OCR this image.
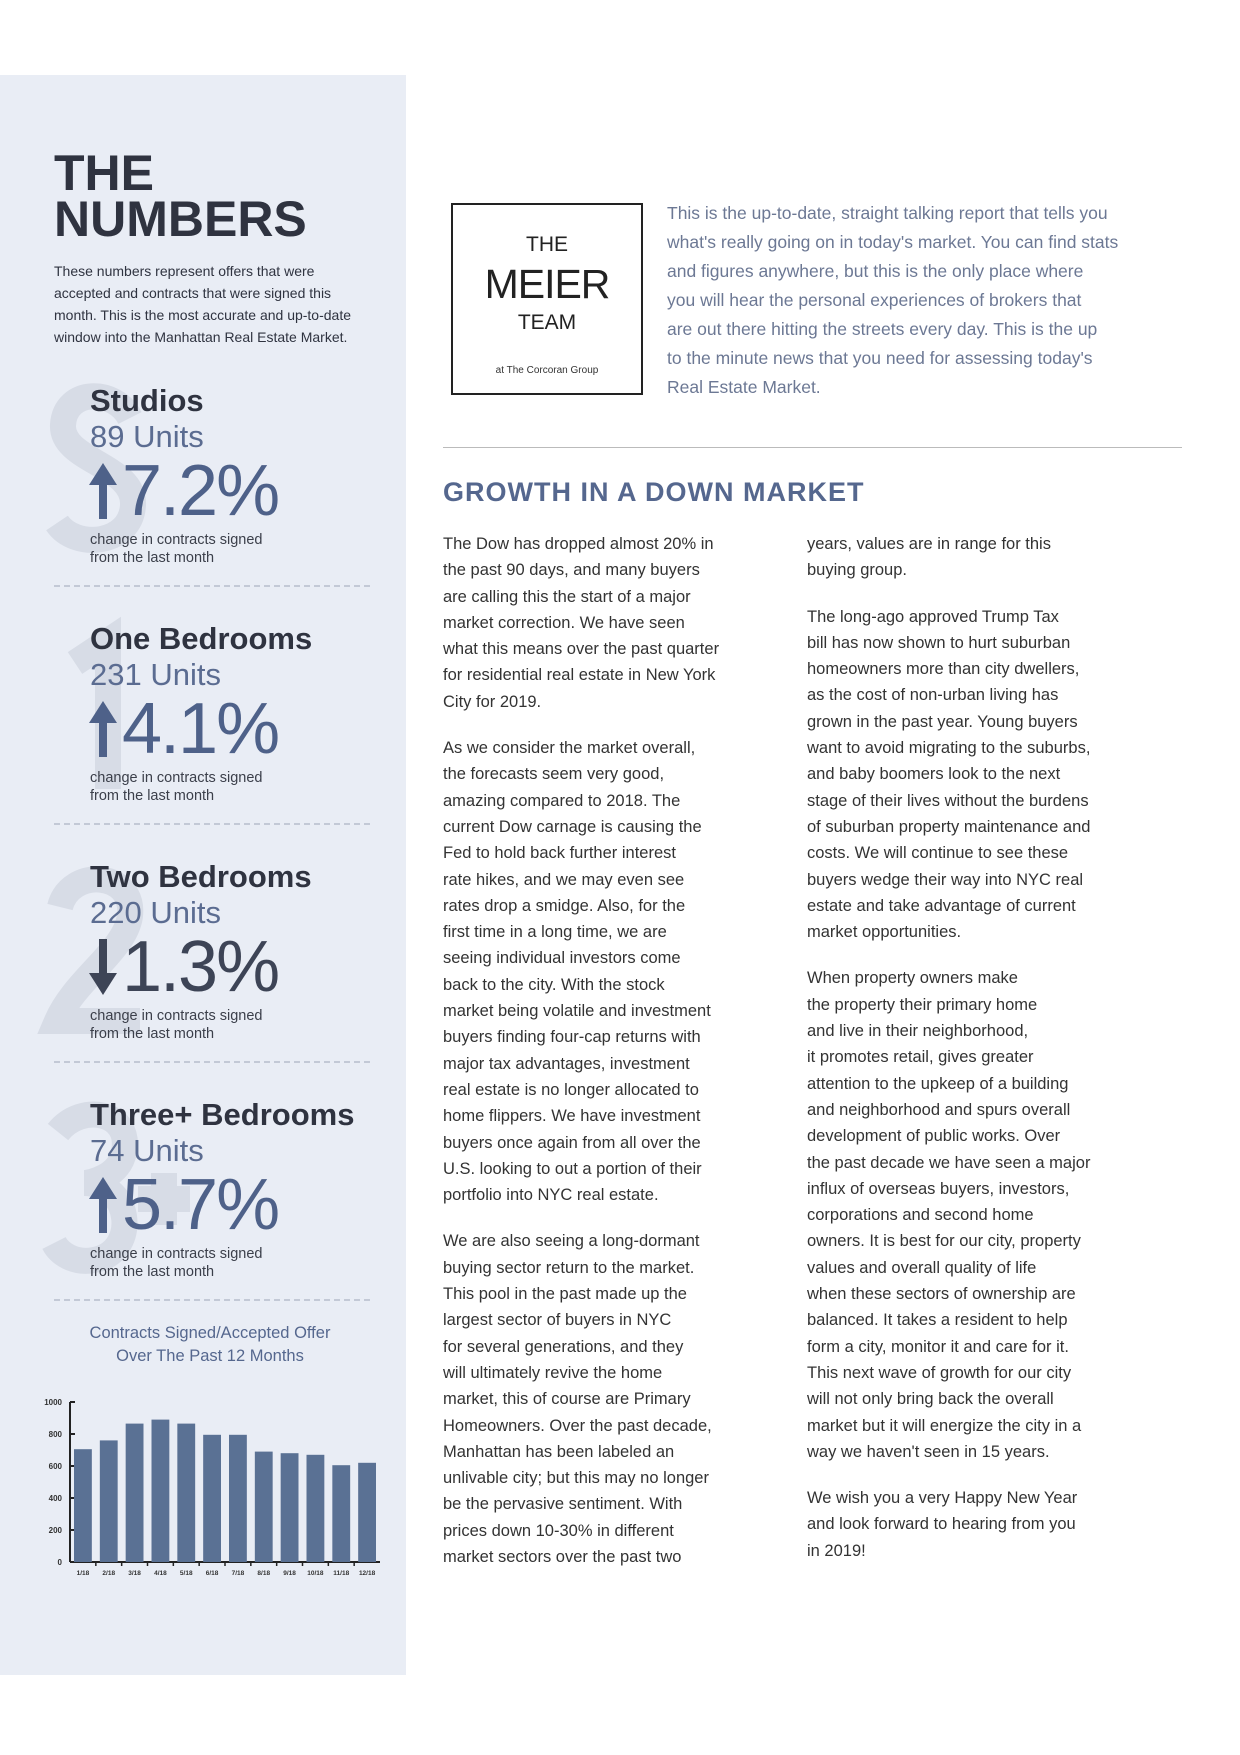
THE
NUMBERS
These numbers represent offers that were
accepted and contracts that were signed this
month. This is the most accurate and up-to-date
window into the Manhattan Real Estate Market.
Studios
89 Units
7.2%
change in contracts signed
from the last month
One Bedrooms
231 Units
4.1%
change in contracts signed
from the last month
Two Bedrooms
220 Units
1.3%
change in contracts signed
from the last month
Three+ Bedrooms
74 Units
5.7%
change in contracts signed
from the last month
Contracts Signed/Accepted Offer
Over The Past 12 Months
0
200
400
600
800
1000
1/18 2/18 3/18 4/18 5/18 6/18 7/18 8/18 9/18 10/18 11/18 12/18
THE
MEIER
TEAM
at The Corcoran Group
This is the up-to-date, straight talking report that tells you
what's really going on in today's market. You can find stats
and figures anywhere, but this is the only place where
you will hear the personal experiences of brokers that
are out there hitting the streets every day. This is the up
to the minute news that you need for assessing today's
Real Estate Market.
GROWTH IN A DOWN MARKET

The Dow has dropped almost 20% in
the past 90 days, and many buyers
are calling this the start of a major
market correction. We have seen
what this means over the past quarter
for residential real estate in New York
City for 2019.

As we consider the market overall,
the forecasts seem very good,
amazing compared to 2018. The
current Dow carnage is causing the
Fed to hold back further interest
rate hikes, and we may even see
rates drop a smidge. Also, for the
first time in a long time, we are
seeing individual investors come
back to the city. With the stock
market being volatile and investment
buyers finding four-cap returns with
major tax advantages, investment
real estate is no longer allocated to
home flippers. We have investment
buyers once again from all over the
U.S. looking to out a portion of their
portfolio into NYC real estate.

We are also seeing a long-dormant
buying sector return to the market.
This pool in the past made up the
largest sector of buyers in NYC
for several generations, and they
will ultimately revive the home
market, this of course are Primary
Homeowners. Over the past decade,
Manhattan has been labeled an
unlivable city; but this may no longer
be the pervasive sentiment. With
prices down 10-30% in different
market sectors over the past two

years, values are in range for this
buying group.

The long-ago approved Trump Tax
bill has now shown to hurt suburban
homeowners more than city dwellers,
as the cost of non-urban living has
grown in the past year. Young buyers
want to avoid migrating to the suburbs,
and baby boomers look to the next
stage of their lives without the burdens
of suburban property maintenance and
costs. We will continue to see these
buyers wedge their way into NYC real
estate and take advantage of current
market opportunities.

When property owners make
the property their primary home
and live in their neighborhood,
it promotes retail, gives greater
attention to the upkeep of a building
and neighborhood and spurs overall
development of public works. Over
the past decade we have seen a major
influx of overseas buyers, investors,
corporations and second home
owners. It is best for our city, property
values and overall quality of life
when these sectors of ownership are
balanced. It takes a resident to help
form a city, monitor it and care for it.
This next wave of growth for our city
will not only bring back the overall
market but it will energize the city in a
way we haven't seen in 15 years.

We wish you a very Happy New Year
and look forward to hearing from you
in 2019!
